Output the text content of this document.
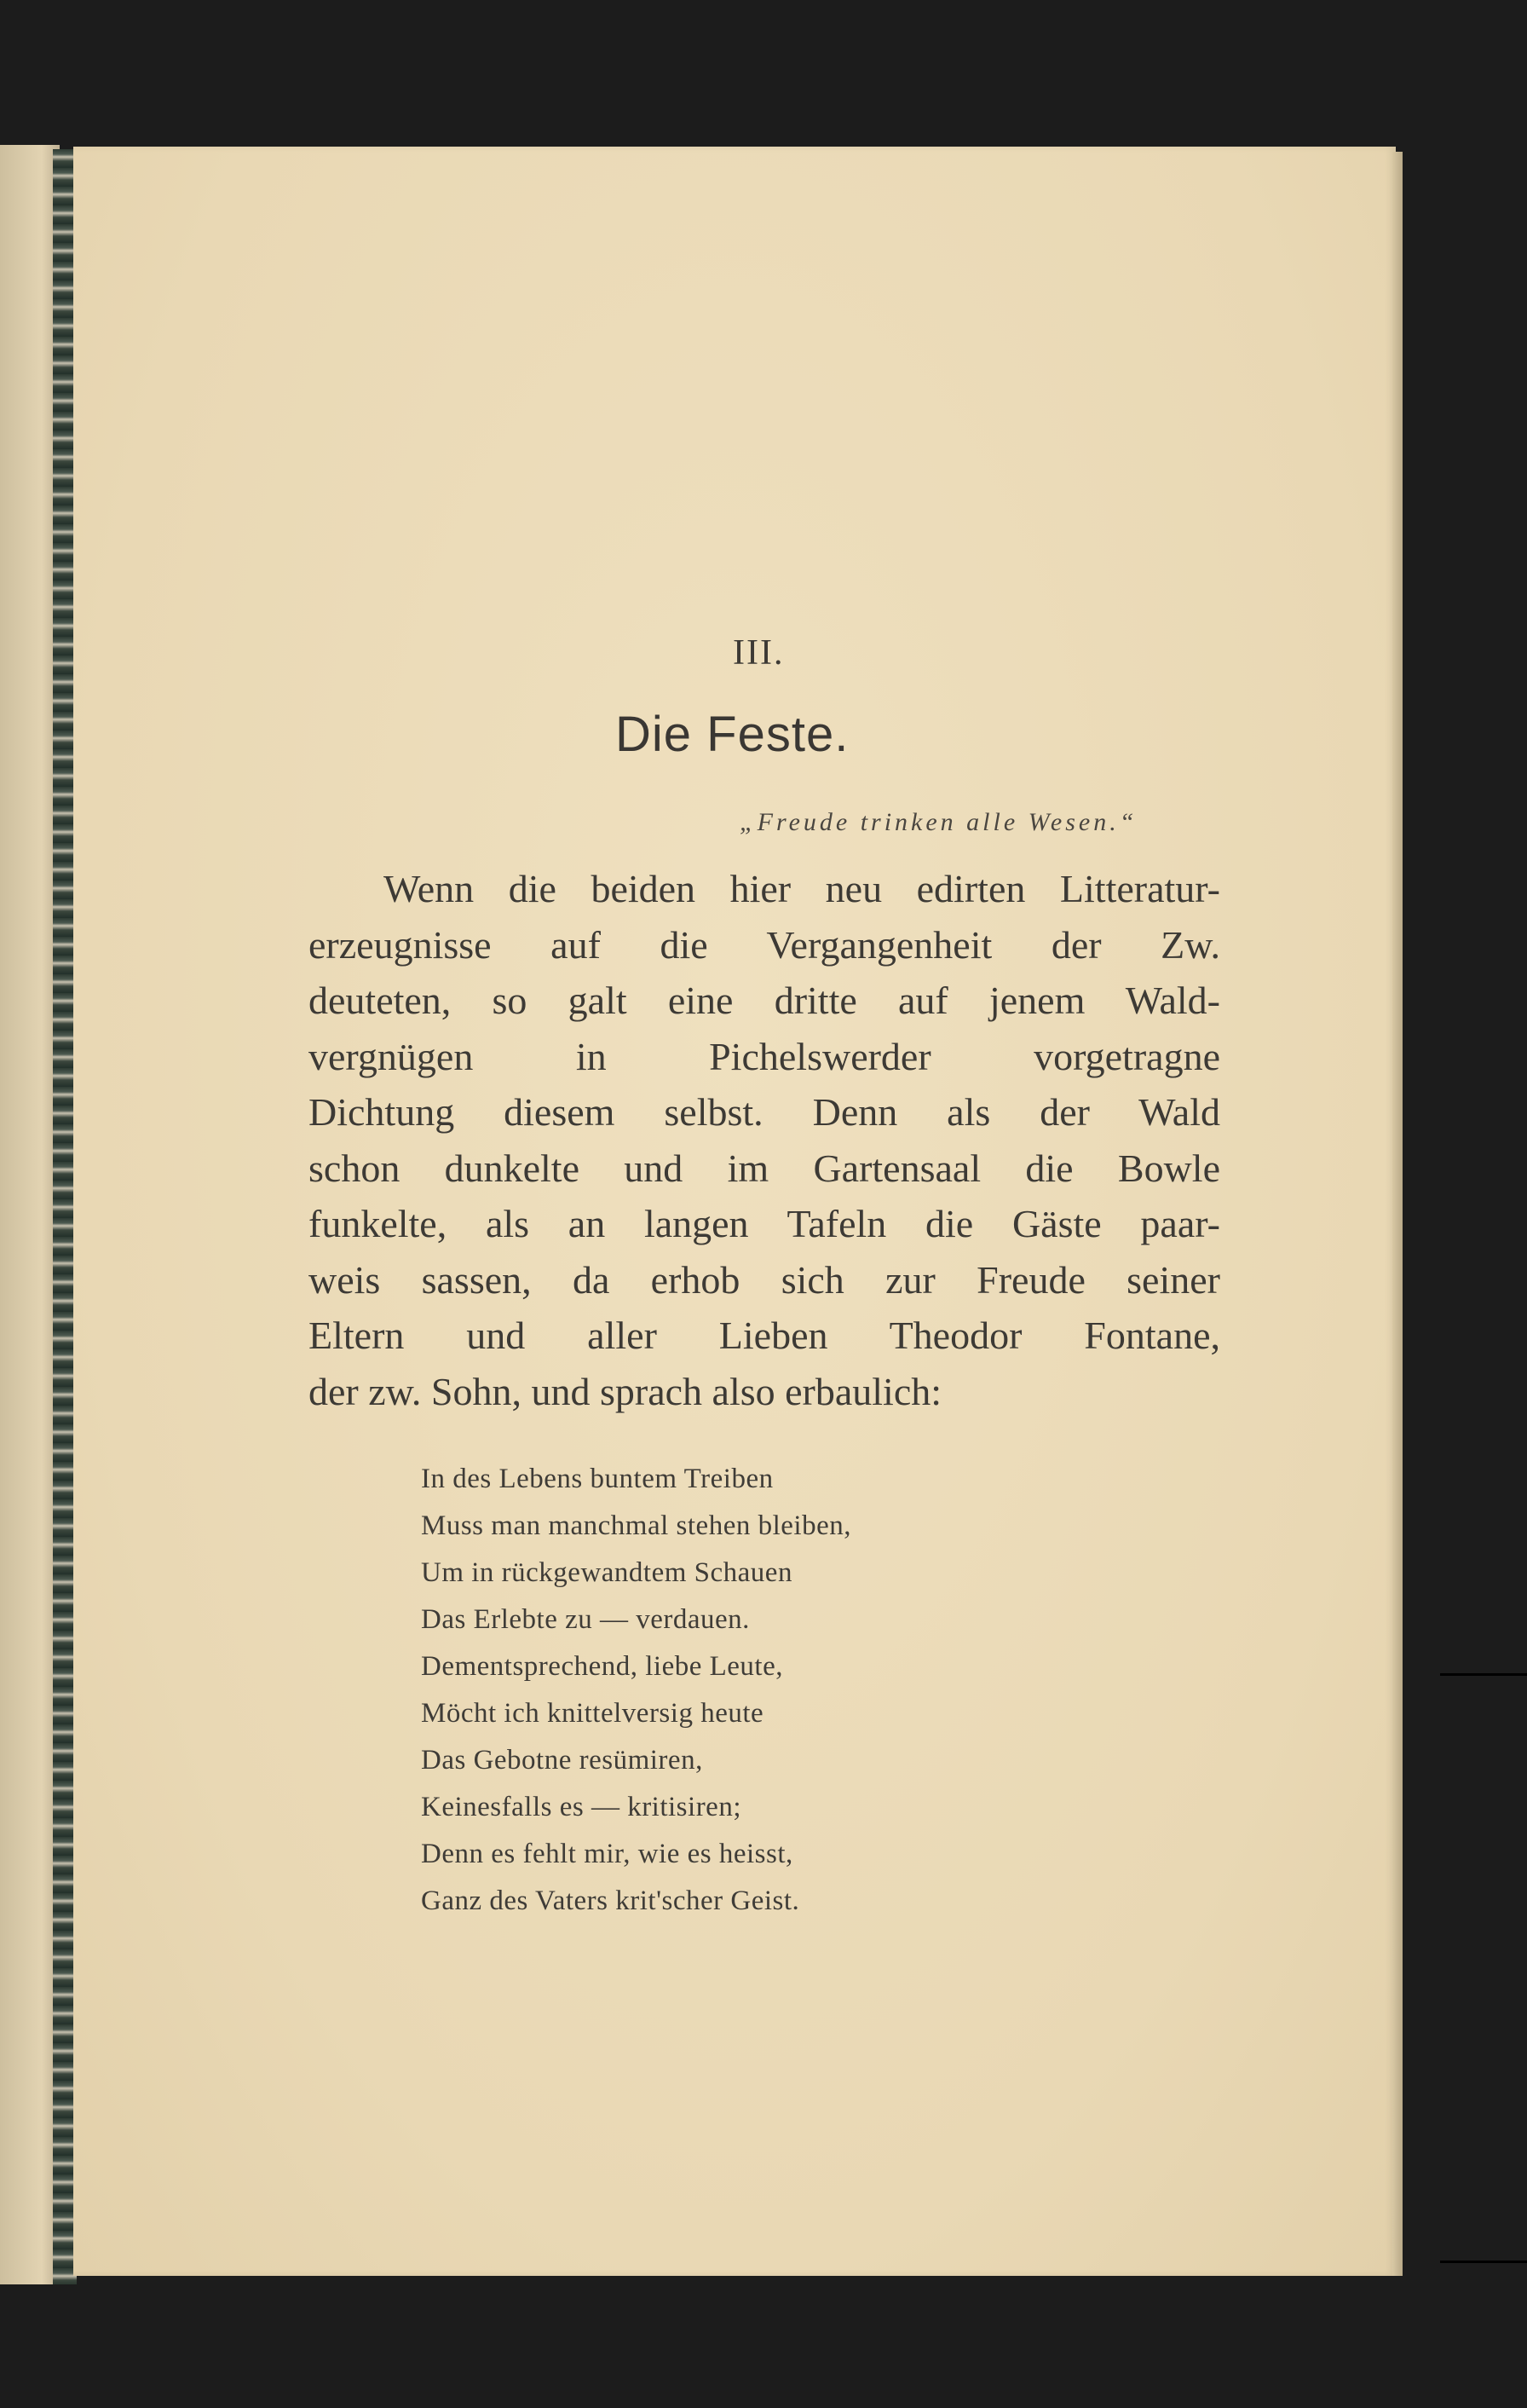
III.
Die Feste.
„Freude trinken alle Wesen.“
Wenn die beiden hier neu edirten Litteratur-
erzeugnisse auf die Vergangenheit der Zw.
deuteten, so galt eine dritte auf jenem Wald-
vergnügen in Pichelswerder vorgetragne
Dichtung diesem selbst. Denn als der Wald
schon dunkelte und im Gartensaal die Bowle
funkelte, als an langen Tafeln die Gäste paar-
weis sassen, da erhob sich zur Freude seiner
Eltern und aller Lieben Theodor Fontane,
der zw. Sohn, und sprach also erbaulich:
In des Lebens buntem Treiben
Muss man manchmal stehen bleiben,
Um in rückgewandtem Schauen
Das Erlebte zu — verdauen.
Dementsprechend, liebe Leute,
Möcht ich knittelversig heute
Das Gebotne resümiren,
Keinesfalls es — kritisiren;
Denn es fehlt mir, wie es heisst,
Ganz des Vaters krit'scher Geist.
